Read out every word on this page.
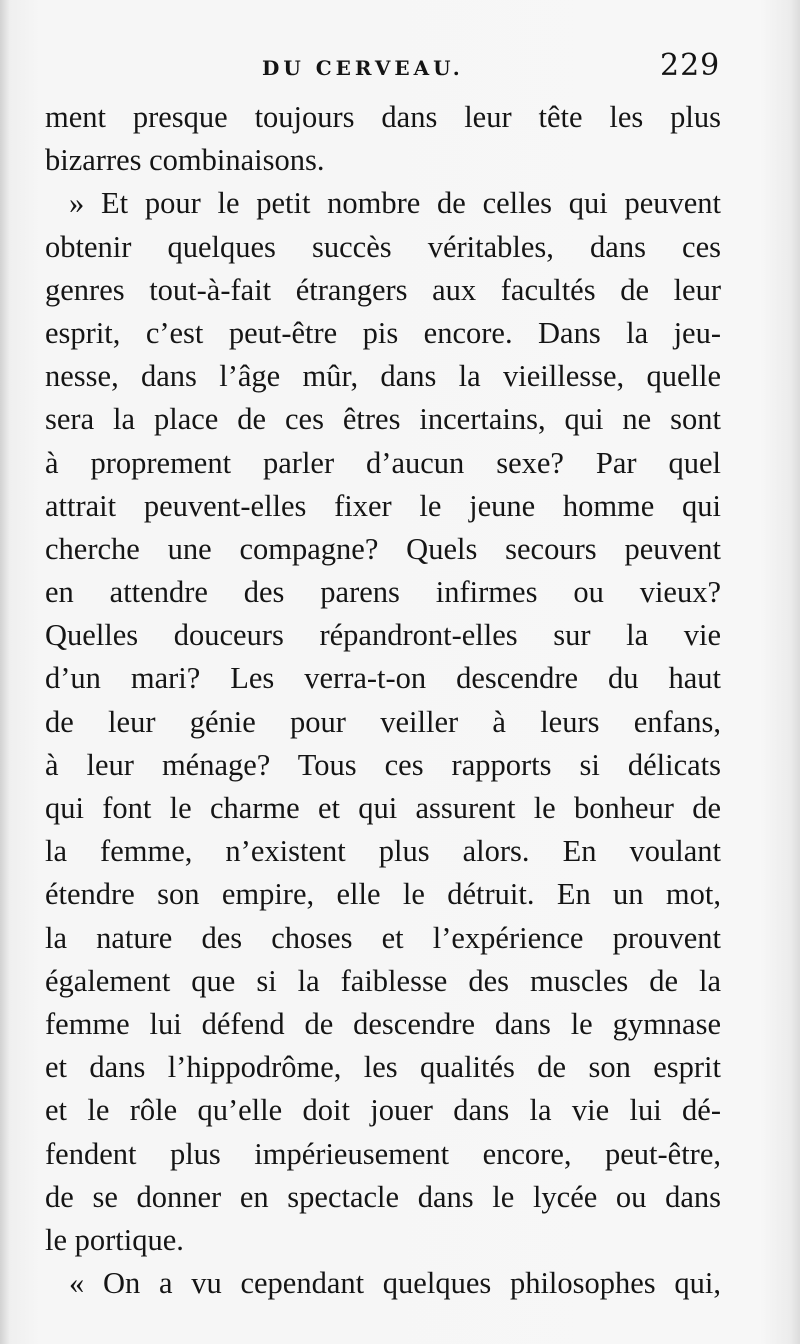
DU CERVEAU.	229
ment presque toujours dans leur tête les plus
bizarres combinaisons.
» Et pour le petit nombre de celles qui peuvent
obtenir quelques succès véritables, dans ces
genres tout-à-fait étrangers aux facultés de leur
esprit, c’est peut-être pis encore. Dans la jeu-
nesse, dans l’âge mûr, dans la vieillesse, quelle
sera la place de ces êtres incertains, qui ne sont
à proprement parler d’aucun sexe? Par quel
attrait peuvent-elles fixer le jeune homme qui
cherche une compagne? Quels secours peuvent
en attendre des parens infirmes ou vieux?
Quelles douceurs répandront-elles sur la vie
d’un mari? Les verra-t-on descendre du haut
de leur génie pour veiller à leurs enfans,
à leur ménage? Tous ces rapports si délicats
qui font le charme et qui assurent le bonheur de
la femme, n’existent plus alors. En voulant
étendre son empire, elle le détruit. En un mot,
la nature des choses et l’expérience prouvent
également que si la faiblesse des muscles de la
femme lui défend de descendre dans le gymnase
et dans l’hippodrôme, les qualités de son esprit
et le rôle qu’elle doit jouer dans la vie lui dé-
fendent plus impérieusement encore, peut-être,
de se donner en spectacle dans le lycée ou dans
le portique.
« On a vu cependant quelques philosophes qui,
